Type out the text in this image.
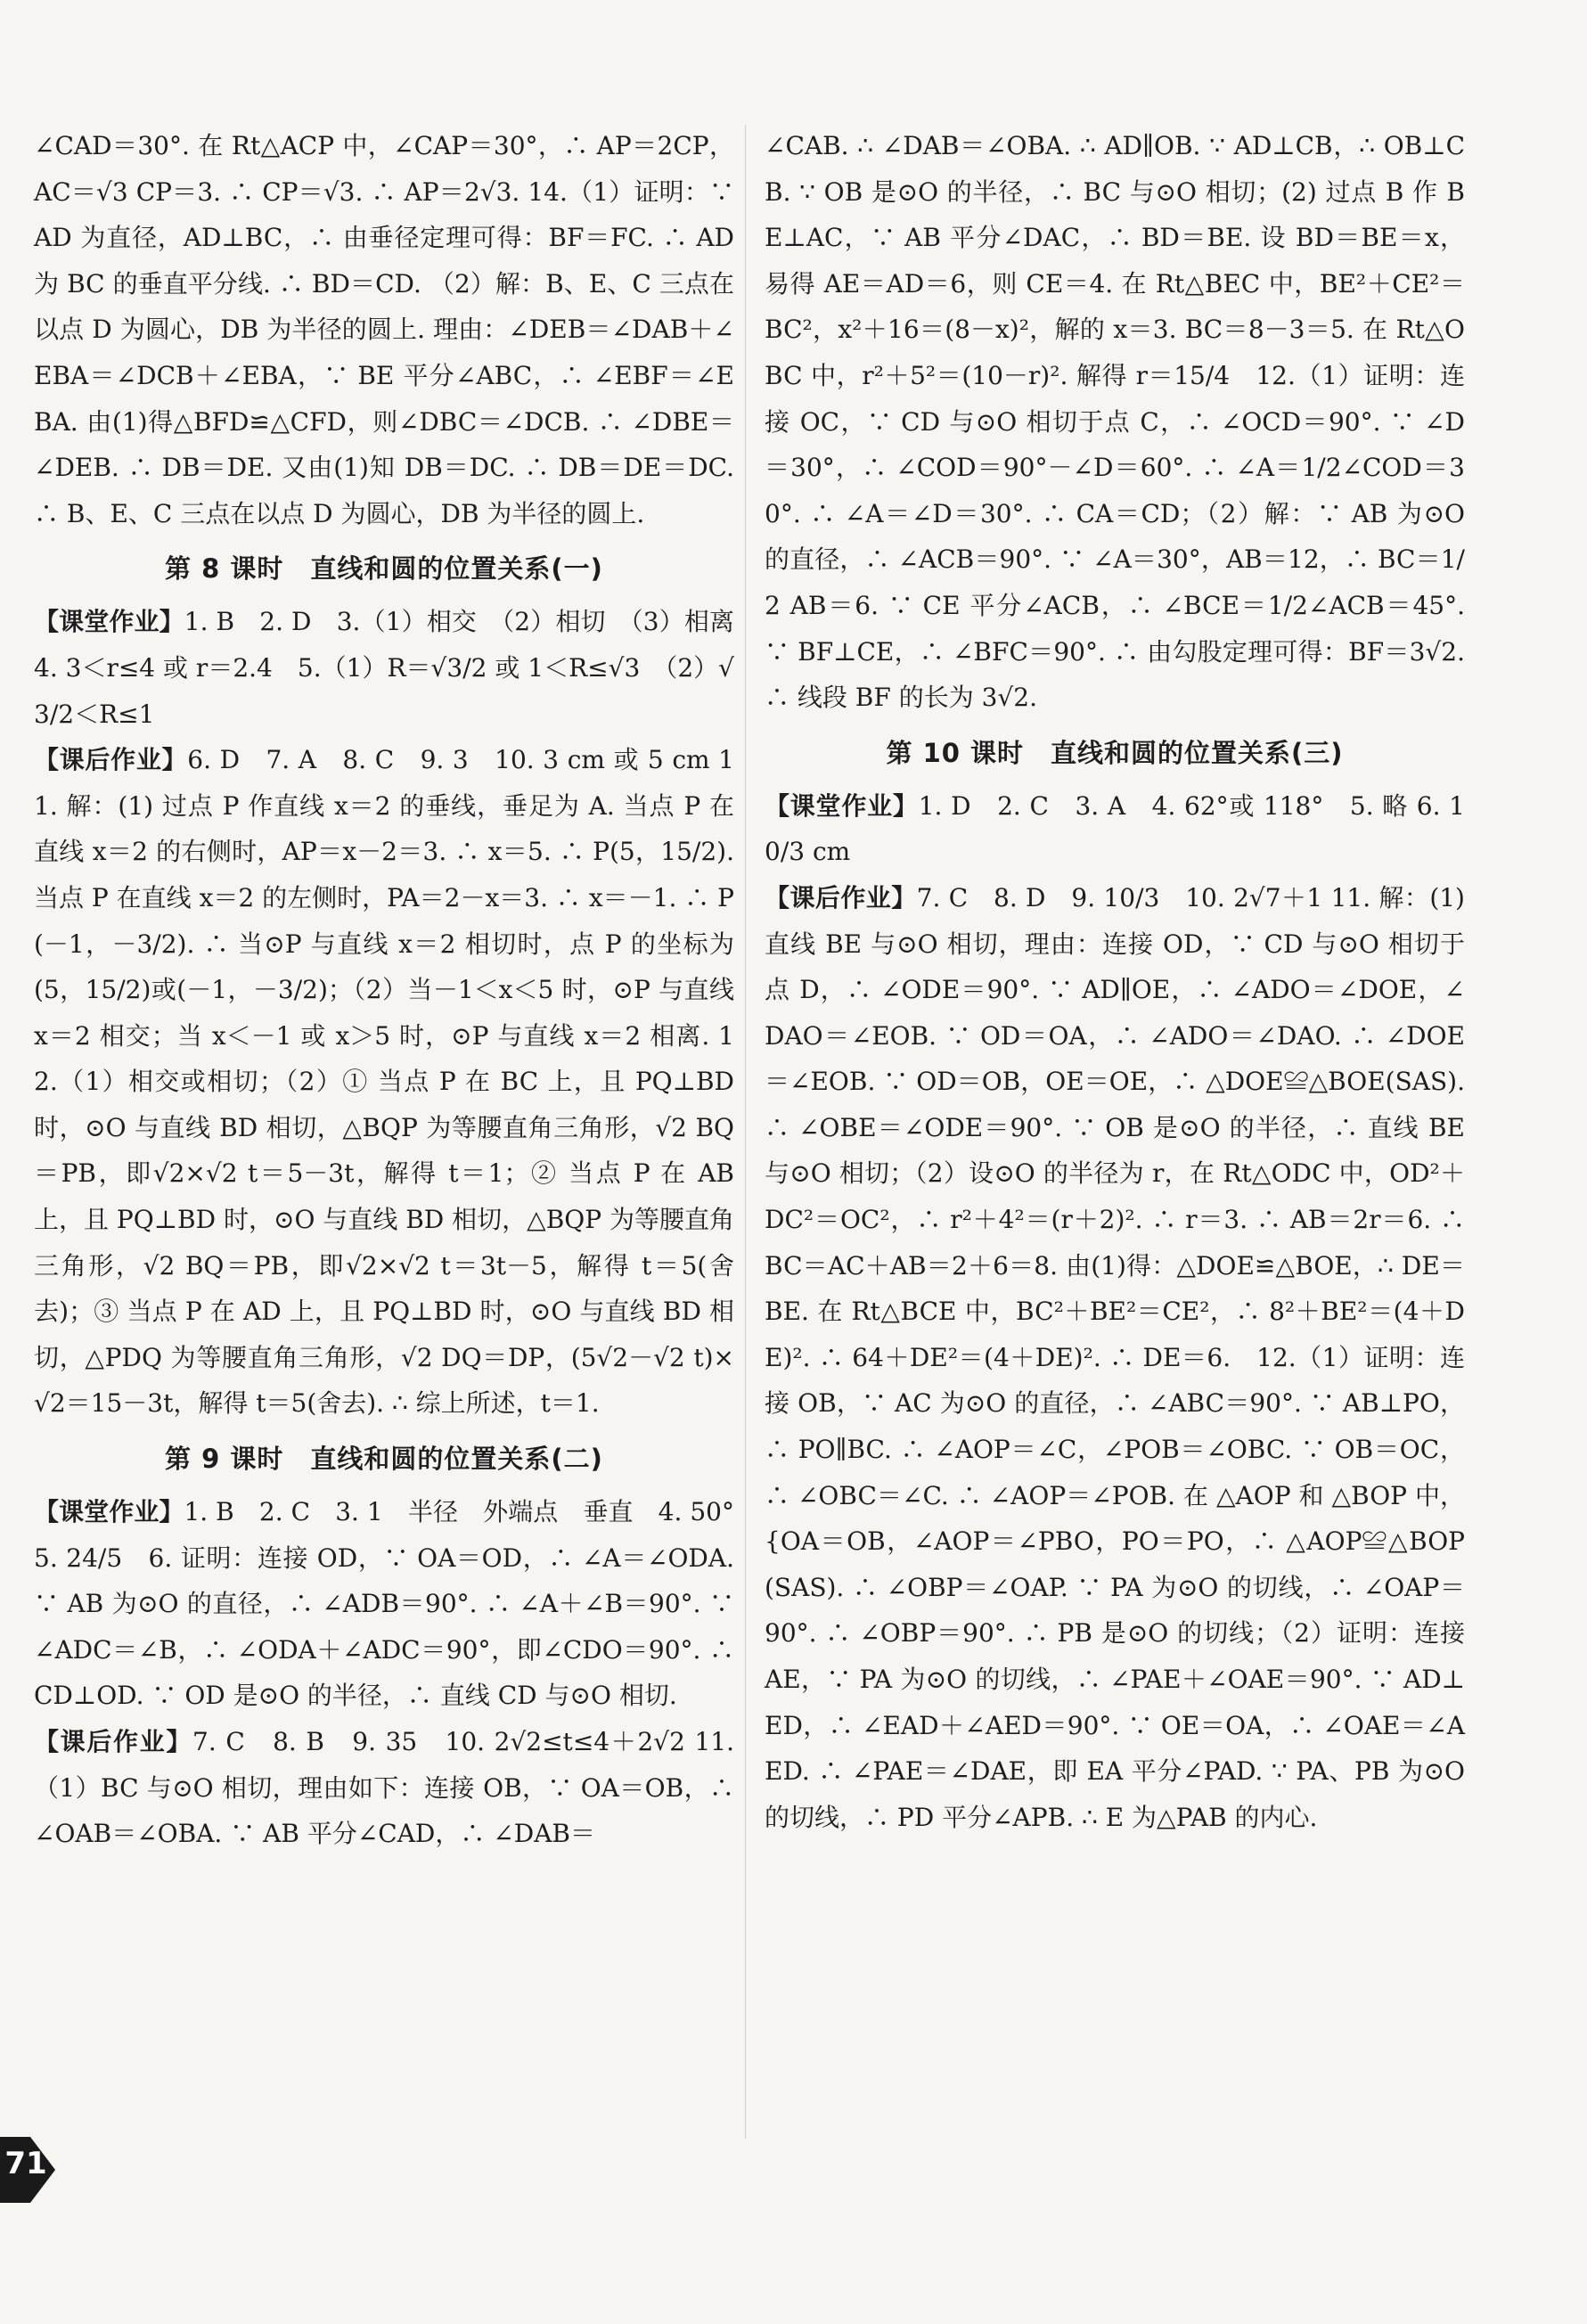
∠CAD＝30°. 在 Rt△ACP 中，∠CAP＝30°，∴ AP＝2CP，AC＝√3 CP＝3. ∴ CP＝√3. ∴ AP＝2√3. 14.（1）证明：∵ AD 为直径，AD⊥BC，∴ 由垂径定理可得：BF＝FC. ∴ AD 为 BC 的垂直平分线. ∴ BD＝CD. （2）解：B、E、C 三点在以点 D 为圆心，DB 为半径的圆上. 理由：∠DEB＝∠DAB＋∠EBA＝∠DCB＋∠EBA，∵ BE 平分∠ABC，∴ ∠EBF＝∠EBA. 由(1)得△BFD≌△CFD，则∠DBC＝∠DCB. ∴ ∠DBE＝∠DEB. ∴ DB＝DE. 又由(1)知 DB＝DC. ∴ DB＝DE＝DC. ∴ B、E、C 三点在以点 D 为圆心，DB 为半径的圆上.

第 8 课时　直线和圆的位置关系(一)

【课堂作业】1. B　2. D　3.（1）相交　（2）相切　（3）相离　4. 3＜r≤4 或 r＝2.4　5.（1）R＝√3/2 或 1＜R≤√3　（2）√3/2＜R≤1

【课后作业】6. D　7. A　8. C　9. 3　10. 3 cm 或 5 cm 11. 解：(1) 过点 P 作直线 x＝2 的垂线，垂足为 A. 当点 P 在直线 x＝2 的右侧时，AP＝x－2＝3. ∴ x＝5. ∴ P(5，15/2). 当点 P 在直线 x＝2 的左侧时，PA＝2－x＝3. ∴ x＝－1. ∴ P(－1，－3/2). ∴ 当⊙P 与直线 x＝2 相切时，点 P 的坐标为(5，15/2)或(－1，－3/2)；（2）当－1＜x＜5 时，⊙P 与直线 x＝2 相交；当 x＜－1 或 x＞5 时，⊙P 与直线 x＝2 相离. 12.（1）相交或相切；（2）① 当点 P 在 BC 上，且 PQ⊥BD 时，⊙O 与直线 BD 相切，△BQP 为等腰直角三角形，√2 BQ＝PB，即√2×√2 t＝5－3t，解得 t＝1；② 当点 P 在 AB 上，且 PQ⊥BD 时，⊙O 与直线 BD 相切，△BQP 为等腰直角三角形，√2 BQ＝PB，即√2×√2 t＝3t－5，解得 t＝5(舍去)；③ 当点 P 在 AD 上，且 PQ⊥BD 时，⊙O 与直线 BD 相切，△PDQ 为等腰直角三角形，√2 DQ＝DP，(5√2－√2 t)×√2＝15－3t，解得 t＝5(舍去). ∴ 综上所述，t＝1.

第 9 课时　直线和圆的位置关系(二)

【课堂作业】1. B　2. C　3. 1　半径　外端点　垂直　4. 50°　5. 24/5　6. 证明：连接 OD，∵ OA＝OD，∴ ∠A＝∠ODA. ∵ AB 为⊙O 的直径，∴ ∠ADB＝90°. ∴ ∠A＋∠B＝90°. ∵ ∠ADC＝∠B，∴ ∠ODA＋∠ADC＝90°，即∠CDO＝90°. ∴ CD⊥OD. ∵ OD 是⊙O 的半径，∴ 直线 CD 与⊙O 相切.

【课后作业】7. C　8. B　9. 35　10. 2√2≤t≤4＋2√2 11.（1）BC 与⊙O 相切，理由如下：连接 OB，∵ OA＝OB，∴ ∠OAB＝∠OBA. ∵ AB 平分∠CAD，∴ ∠DAB＝

∠CAB. ∴ ∠DAB＝∠OBA. ∴ AD∥OB. ∵ AD⊥CB，∴ OB⊥CB. ∵ OB 是⊙O 的半径，∴ BC 与⊙O 相切；(2) 过点 B 作 BE⊥AC，∵ AB 平分∠DAC，∴ BD＝BE. 设 BD＝BE＝x，易得 AE＝AD＝6，则 CE＝4. 在 Rt△BEC 中，BE²＋CE²＝BC²，x²＋16＝(8－x)²，解的 x＝3. BC＝8－3＝5. 在 Rt△OBC 中，r²＋5²＝(10－r)². 解得 r＝15/4　12.（1）证明：连接 OC，∵ CD 与⊙O 相切于点 C，∴ ∠OCD＝90°. ∵ ∠D＝30°，∴ ∠COD＝90°－∠D＝60°. ∴ ∠A＝1/2∠COD＝30°. ∴ ∠A＝∠D＝30°. ∴ CA＝CD；（2）解：∵ AB 为⊙O 的直径，∴ ∠ACB＝90°. ∵ ∠A＝30°，AB＝12，∴ BC＝1/2 AB＝6. ∵ CE 平分∠ACB，∴ ∠BCE＝1/2∠ACB＝45°. ∵ BF⊥CE，∴ ∠BFC＝90°. ∴ 由勾股定理可得：BF＝3√2. ∴ 线段 BF 的长为 3√2.

第 10 课时　直线和圆的位置关系(三)

【课堂作业】1. D　2. C　3. A　4. 62°或 118°　5. 略 6. 10/3 cm

【课后作业】7. C　8. D　9. 10/3　10. 2√7＋1 11. 解：(1) 直线 BE 与⊙O 相切，理由：连接 OD，∵ CD 与⊙O 相切于点 D，∴ ∠ODE＝90°. ∵ AD∥OE，∴ ∠ADO＝∠DOE，∠DAO＝∠EOB. ∵ OD＝OA，∴ ∠ADO＝∠DAO. ∴ ∠DOE＝∠EOB. ∵ OD＝OB，OE＝OE，∴ △DOE≌△BOE(SAS). ∴ ∠OBE＝∠ODE＝90°. ∵ OB 是⊙O 的半径，∴ 直线 BE 与⊙O 相切；（2）设⊙O 的半径为 r，在 Rt△ODC 中，OD²＋DC²＝OC²，∴ r²＋4²＝(r＋2)². ∴ r＝3. ∴ AB＝2r＝6. ∴ BC＝AC＋AB＝2＋6＝8. 由(1)得：△DOE≌△BOE，∴ DE＝BE. 在 Rt△BCE 中，BC²＋BE²＝CE²，∴ 8²＋BE²＝(4＋DE)². ∴ 64＋DE²＝(4＋DE)². ∴ DE＝6.　12.（1）证明：连接 OB，∵ AC 为⊙O 的直径，∴ ∠ABC＝90°. ∵ AB⊥PO，∴ PO∥BC. ∴ ∠AOP＝∠C，∠POB＝∠OBC. ∵ OB＝OC，∴ ∠OBC＝∠C. ∴ ∠AOP＝∠POB. 在 △AOP 和 △BOP 中，{OA＝OB，∠AOP＝∠PBO，PO＝PO，∴ △AOP≌△BOP(SAS). ∴ ∠OBP＝∠OAP. ∵ PA 为⊙O 的切线，∴ ∠OAP＝90°. ∴ ∠OBP＝90°. ∴ PB 是⊙O 的切线；（2）证明：连接 AE，∵ PA 为⊙O 的切线，∴ ∠PAE＋∠OAE＝90°. ∵ AD⊥ED，∴ ∠EAD＋∠AED＝90°. ∵ OE＝OA，∴ ∠OAE＝∠AED. ∴ ∠PAE＝∠DAE，即 EA 平分∠PAD. ∵ PA、PB 为⊙O 的切线，∴ PD 平分∠APB. ∴ E 为△PAB 的内心.

71
